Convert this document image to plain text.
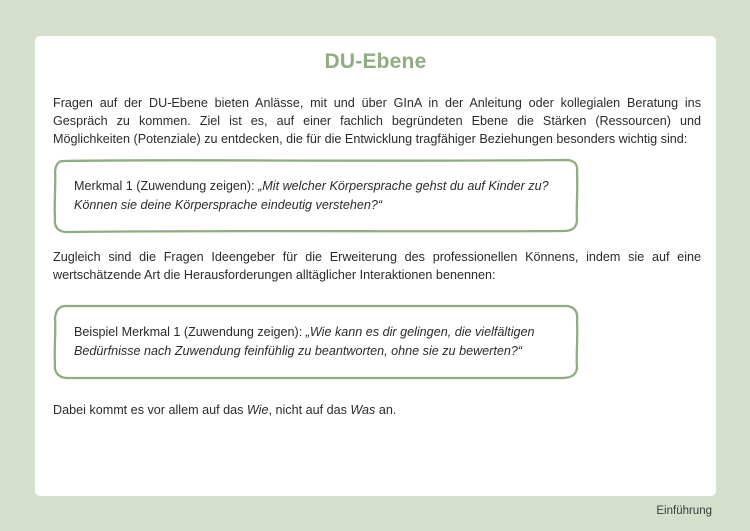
DU-Ebene
Fragen auf der DU-Ebene bieten Anlässe, mit und über GInA in der Anleitung oder kollegialen Beratung ins Gespräch zu kommen. Ziel ist es, auf einer fachlich begründeten Ebene die Stärken (Ressourcen) und Möglichkeiten (Potenziale) zu entdecken, die für die Entwicklung tragfähiger Beziehungen besonders wichtig sind:
Merkmal 1 (Zuwendung zeigen): „Mit welcher Körpersprache gehst du auf Kinder zu? Können sie deine Körpersprache eindeutig verstehen?“
Zugleich sind die Fragen Ideengeber für die Erweiterung des professionellen Könnens, indem sie auf eine wertschätzende Art die Herausforderungen alltäglicher Interaktionen benennen:
Beispiel Merkmal 1 (Zuwendung zeigen): „Wie kann es dir gelingen, die vielfältigen Bedürfnisse nach Zuwendung feinfühlig zu beantworten, ohne sie zu bewerten?“
Dabei kommt es vor allem auf das Wie, nicht auf das Was an.
Einführung
